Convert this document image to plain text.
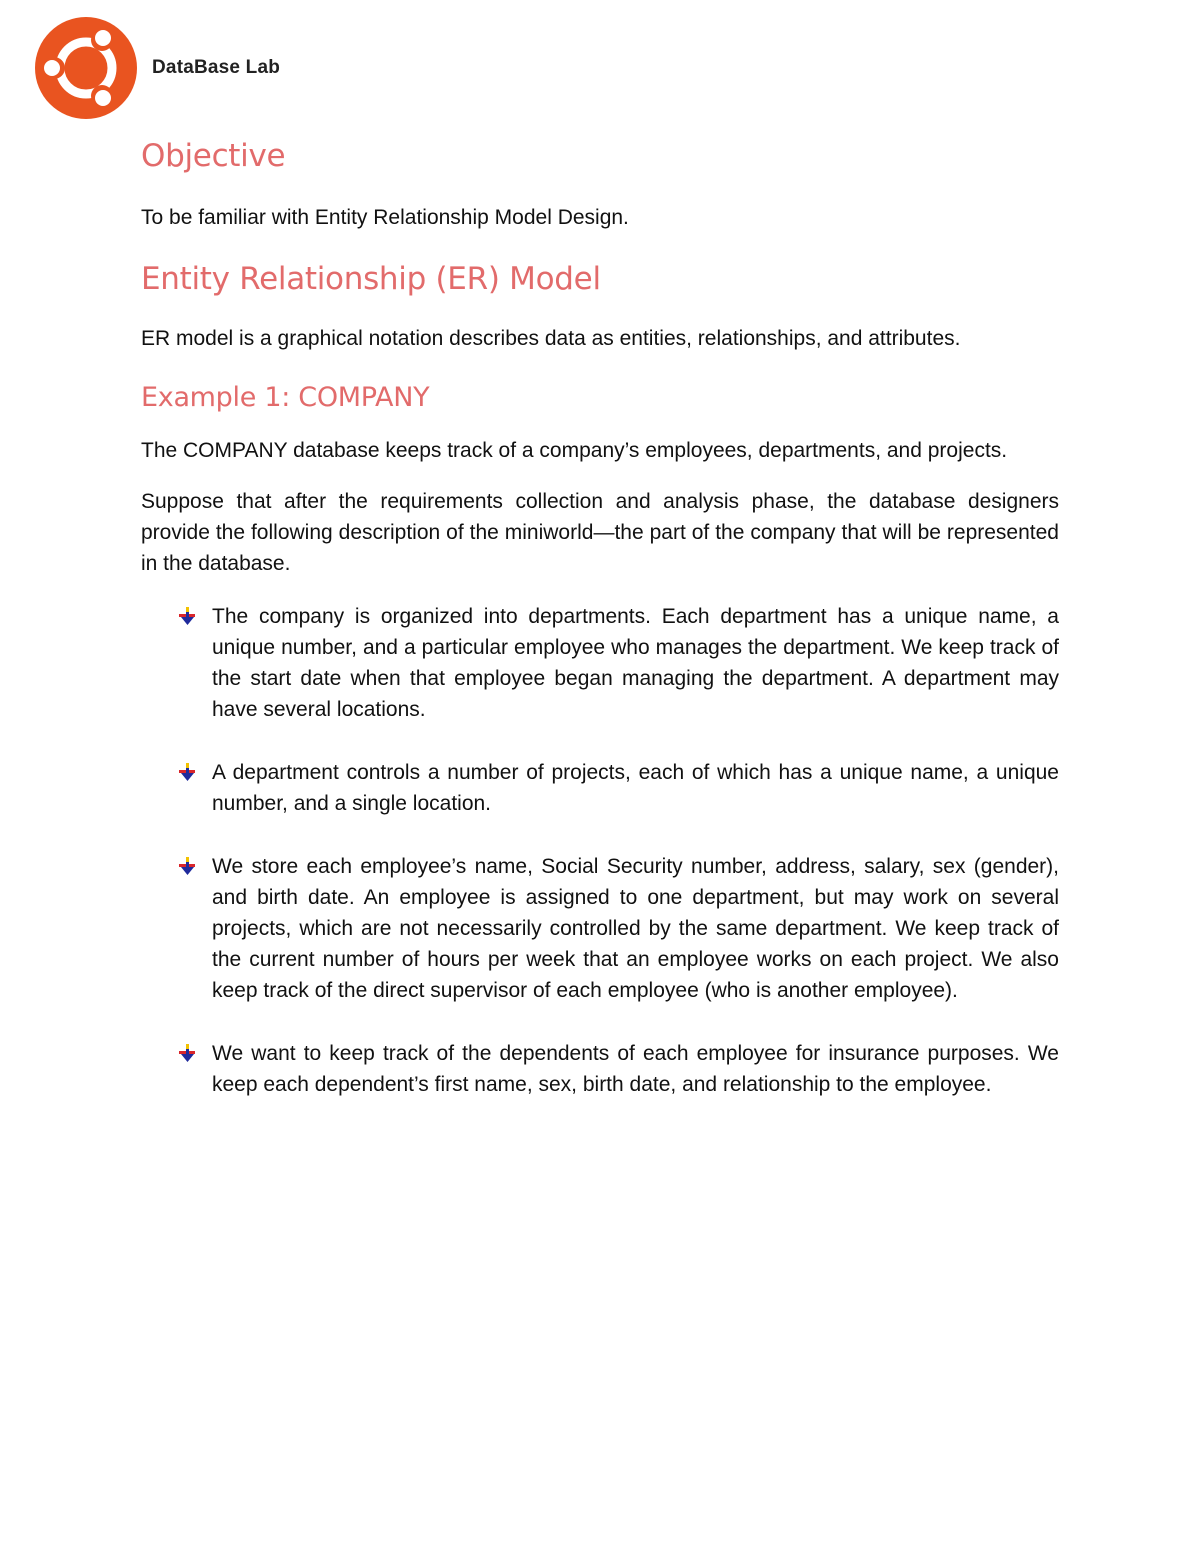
DataBase Lab
Objective

To be familiar with Entity Relationship Model Design.

Entity Relationship (ER) Model

ER model is a graphical notation describes data as entities, relationships, and attributes.

Example 1: COMPANY

The COMPANY database keeps track of a company’s employees, departments, and projects.

Suppose that after the requirements collection and analysis phase, the database designers provide the following description of the miniworld—the part of the company that will be represented in the database.

The company is organized into departments. Each department has a unique name, a unique number, and a particular employee who manages the department. We keep track of the start date when that employee began managing the department. A department may have several locations.
A department controls a number of projects, each of which has a unique name, a unique number, and a single location.
We store each employee’s name, Social Security number, address, salary, sex (gender), and birth date. An employee is assigned to one department, but may work on several projects, which are not necessarily controlled by the same department. We keep track of the current number of hours per week that an employee works on each project. We also keep track of the direct supervisor of each employee (who is another employee).
We want to keep track of the dependents of each employee for insurance purposes. We keep each dependent’s first name, sex, birth date, and relationship to the employee.
